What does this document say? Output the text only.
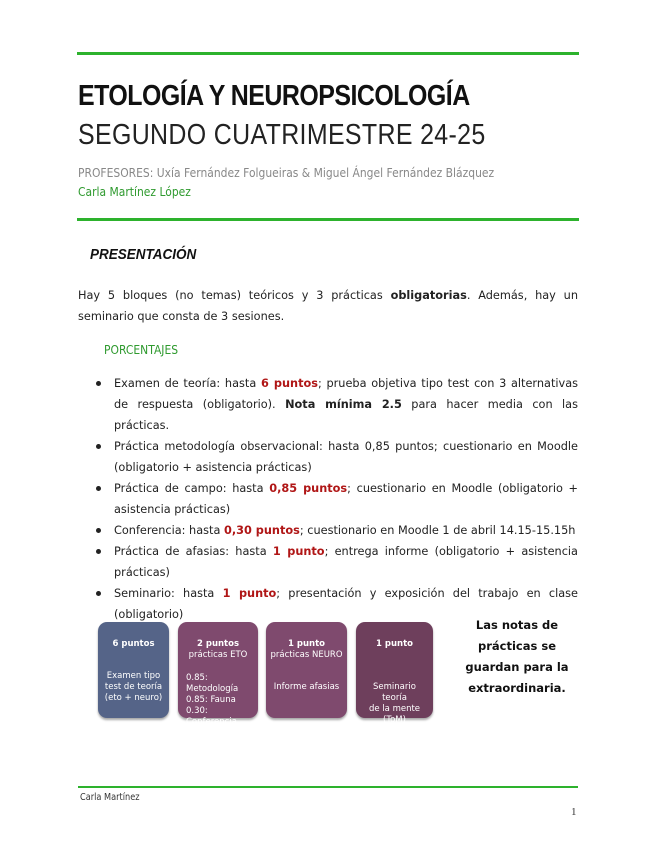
ETOLOGÍA Y NEUROPSICOLOGÍA
SEGUNDO CUATRIMESTRE 24-25
PROFESORES: Uxía Fernández Folgueiras & Miguel Ángel Fernández Blázquez
Carla Martínez López
PRESENTACIÓN
Hay 5 bloques (no temas) teóricos y 3 prácticas obligatorias. Además, hay un seminario que consta de 3 sesiones.
PORCENTAJES
Examen de teoría: hasta 6 puntos; prueba objetiva tipo test con 3 alternativas de respuesta (obligatorio). Nota mínima 2.5 para hacer media con las prácticas.
Práctica metodología observacional: hasta 0,85 puntos; cuestionario en Moodle (obligatorio + asistencia prácticas)
Práctica de campo: hasta 0,85 puntos; cuestionario en Moodle (obligatorio + asistencia prácticas)
Conferencia: hasta 0,30 puntos; cuestionario en Moodle 1 de abril 14.15-15.15h
Práctica de afasias: hasta 1 punto; entrega informe (obligatorio + asistencia prácticas)
Seminario: hasta 1 punto; presentación y exposición del trabajo en clase (obligatorio)
6 puntos
Examen tipo
test de teoría
(eto + neuro)
2 puntos
prácticas ETO
0.85: Metodología
0.85: Fauna
0.30: Conferencia
1 punto
prácticas NEURO

Informe afasias
1 punto

Seminario teoría
de la mente (ToM)
Las notas de prácticas se guardan para la extraordinaria.
Carla Martínez
1
